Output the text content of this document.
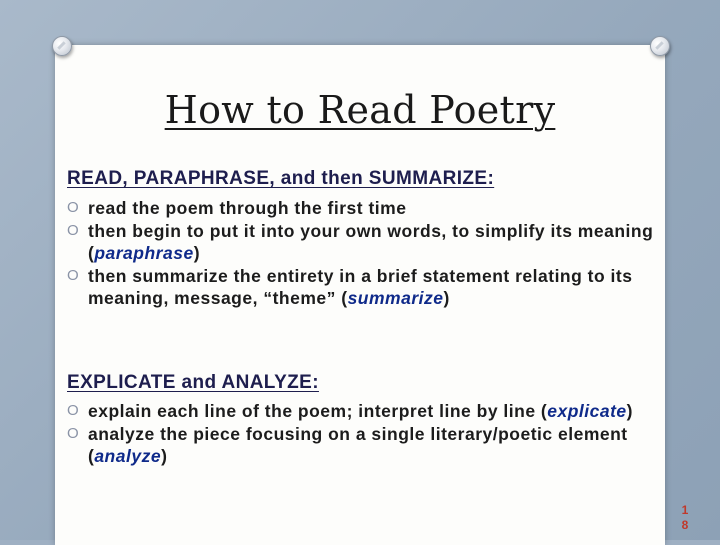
How to Read Poetry
READ, PARAPHRASE, and then SUMMARIZE:
O read the poem through the first time
O then begin to put it into your own words, to simplify its meaning (paraphrase)
O then summarize the entirety in a brief statement relating to its meaning, message, “theme” (summarize)
EXPLICATE and ANALYZE:
O explain each line of the poem; interpret line by line (explicate)
O analyze the piece focusing on a single literary/poetic element (analyze)
1
8
